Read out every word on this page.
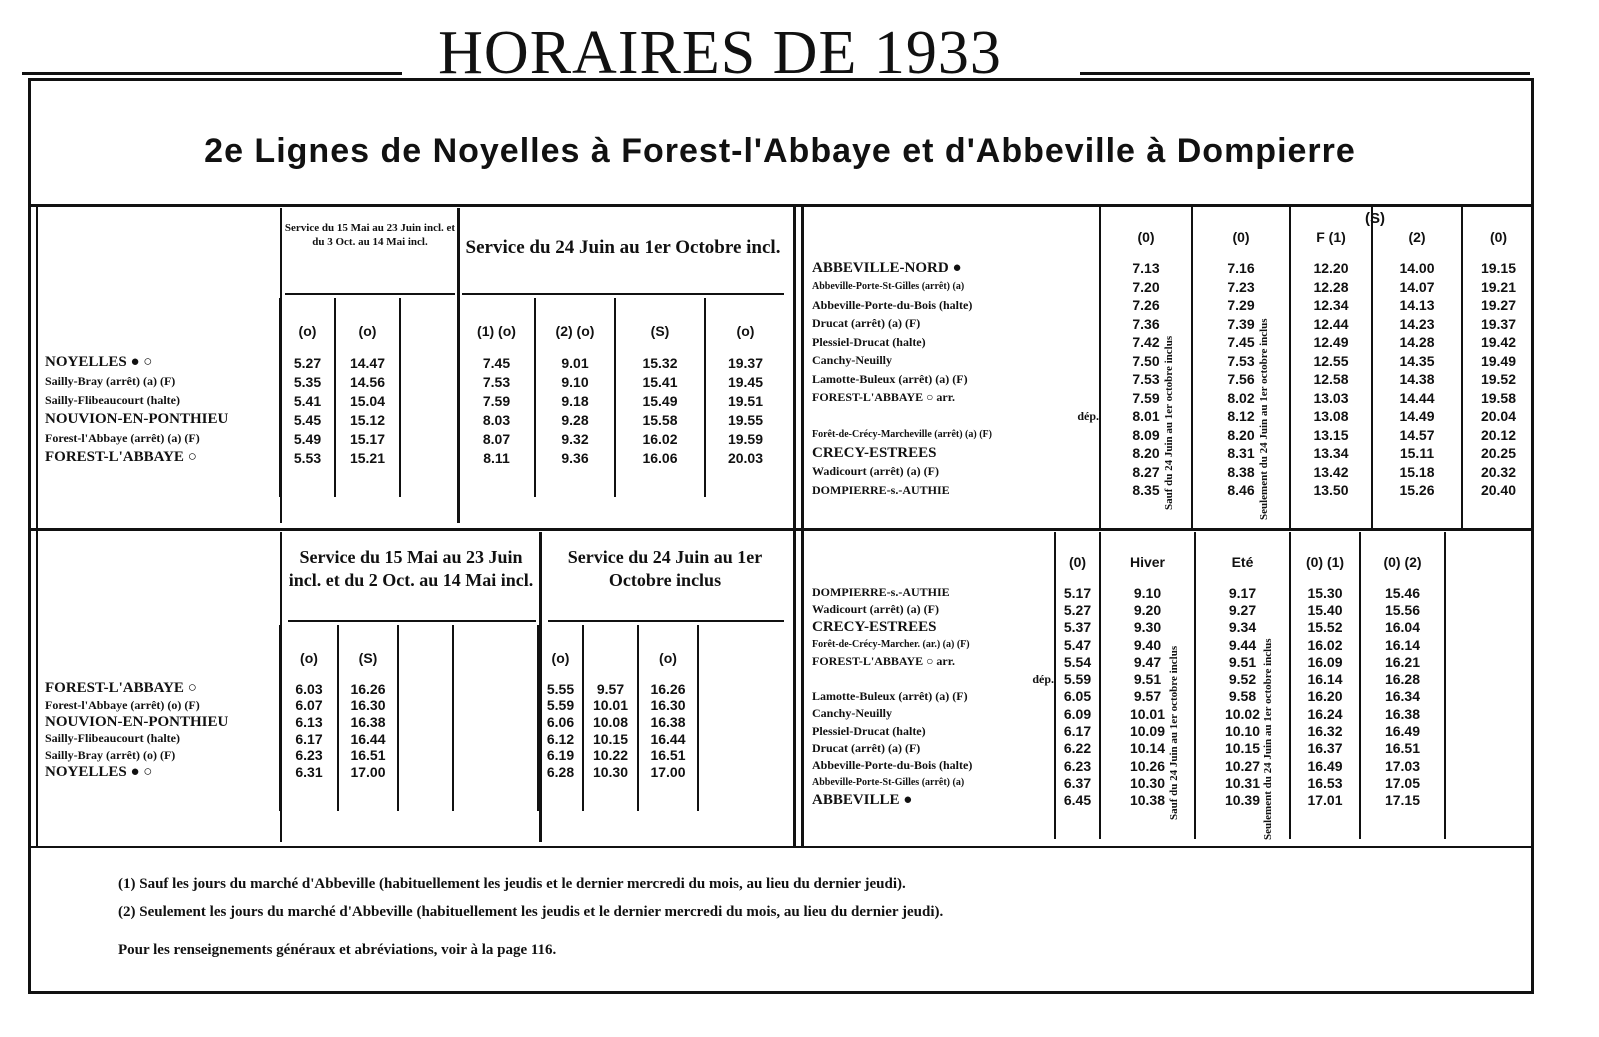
HORAIRES DE 1933
2e Lignes de Noyelles à Forest-l'Abbaye et d'Abbeville à Dompierre
Service du 15 Mai au 23 Juin incl. et du 3 Oct. au 14 Mai incl.	Service du 24 Juin au 1er Octobre incl.
	(o)	(o)		(1) (o)	(2) (o)	(S)	(o)
NOYELLES ● ○	5.27	14.47		7.45	9.01	15.32	19.37
Sailly-Bray (arrêt) (a) (F)	5.35	14.56		7.53	9.10	15.41	19.45
Sailly-Flibeaucourt (halte)	5.41	15.04		7.59	9.18	15.49	19.51
NOUVION-EN-PONTHIEU	5.45	15.12		8.03	9.28	15.58	19.55
Forest-l'Abbaye (arrêt) (a) (F)	5.49	15.17		8.07	9.32	16.02	19.59
FOREST-L'ABBAYE ○	5.53	15.21		8.11	9.36	16.06	20.03

(S)
	(0)	(0)	F (1)	(2)	(0)
ABBEVILLE-NORD ●	7.13	7.16	12.20	14.00	19.15
Abbeville-Porte-St-Gilles (arrêt) (a)	7.20	7.23	12.28	14.07	19.21
Abbeville-Porte-du-Bois (halte)	7.26	7.29	12.34	14.13	19.27
Drucat (arrêt) (a) (F)	7.36	7.39	12.44	14.23	19.37
Plessiel-Drucat (halte)	7.42	7.45	12.49	14.28	19.42
Canchy-Neuilly	7.50	7.53	12.55	14.35	19.49
Lamotte-Buleux (arrêt) (a) (F)	7.53	7.56	12.58	14.38	19.52
FOREST-L'ABBAYE ○ arr.	7.59	8.02	13.03	14.44	19.58
dép.	8.01	8.12	13.08	14.49	20.04
Forêt-de-Crécy-Marcheville (arrêt) (a) (F)	8.09	8.20	13.15	14.57	20.12
CRECY-ESTREES	8.20	8.31	13.34	15.11	20.25
Wadicourt (arrêt) (a) (F)	8.27	8.38	13.42	15.18	20.32
DOMPIERRE-s.-AUTHIE	8.35	8.46	13.50	15.26	20.40

Sauf du 24 Juin au 1er octobre inclus	Seulement du 24 Juin au 1er octobre inclus
Service du 15 Mai au 23 Juin incl. et du 2 Oct. au 14 Mai incl.
Service du 24 Juin au 1er Octobre inclus
	(o)	(S)			(o)		(o)	
FOREST-L'ABBAYE ○	6.03	16.26			5.55	9.57	16.26	
Forest-l'Abbaye (arrêt) (o) (F)	6.07	16.30			5.59	10.01	16.30	
NOUVION-EN-PONTHIEU	6.13	16.38			6.06	10.08	16.38	
Sailly-Flibeaucourt (halte)	6.17	16.44			6.12	10.15	16.44	
Sailly-Bray (arrêt) (o) (F)	6.23	16.51			6.19	10.22	16.51	
NOYELLES ● ○	6.31	17.00			6.28	10.30	17.00	

	(0)	Hiver	Eté	(0) (1)	(0) (2)	
DOMPIERRE-s.-AUTHIE	5.17	9.10	9.17	15.30	15.46	
Wadicourt (arrêt) (a) (F)	5.27	9.20	9.27	15.40	15.56	
CRECY-ESTREES	5.37	9.30	9.34	15.52	16.04	
Forêt-de-Crécy-Marcher. (ar.) (a) (F)	5.47	9.40	9.44	16.02	16.14	
FOREST-L'ABBAYE ○ arr.	5.54	9.47	9.51	16.09	16.21	
dép.	5.59	9.51	9.52	16.14	16.28	
Lamotte-Buleux (arrêt) (a) (F)	6.05	9.57	9.58	16.20	16.34	
Canchy-Neuilly	6.09	10.01	10.02	16.24	16.38	
Plessiel-Drucat (halte)	6.17	10.09	10.10	16.32	16.49	
Drucat (arrêt) (a) (F)	6.22	10.14	10.15	16.37	16.51	
Abbeville-Porte-du-Bois (halte)	6.23	10.26	10.27	16.49	17.03	
Abbeville-Porte-St-Gilles (arrêt) (a)	6.37	10.30	10.31	16.53	17.05	
ABBEVILLE ●	6.45	10.38	10.39	17.01	17.15	

Sauf du 24 Juin au 1er octobre inclus	Seulement du 24 Juin au 1er octobre inclus
(1) Sauf les jours du marché d'Abbeville (habituellement les jeudis et le dernier mercredi du mois, au lieu du dernier jeudi).
(2) Seulement les jours du marché d'Abbeville (habituellement les jeudis et le dernier mercredi du mois, au lieu du dernier jeudi).
Pour les renseignements généraux et abréviations, voir à la page 116.
